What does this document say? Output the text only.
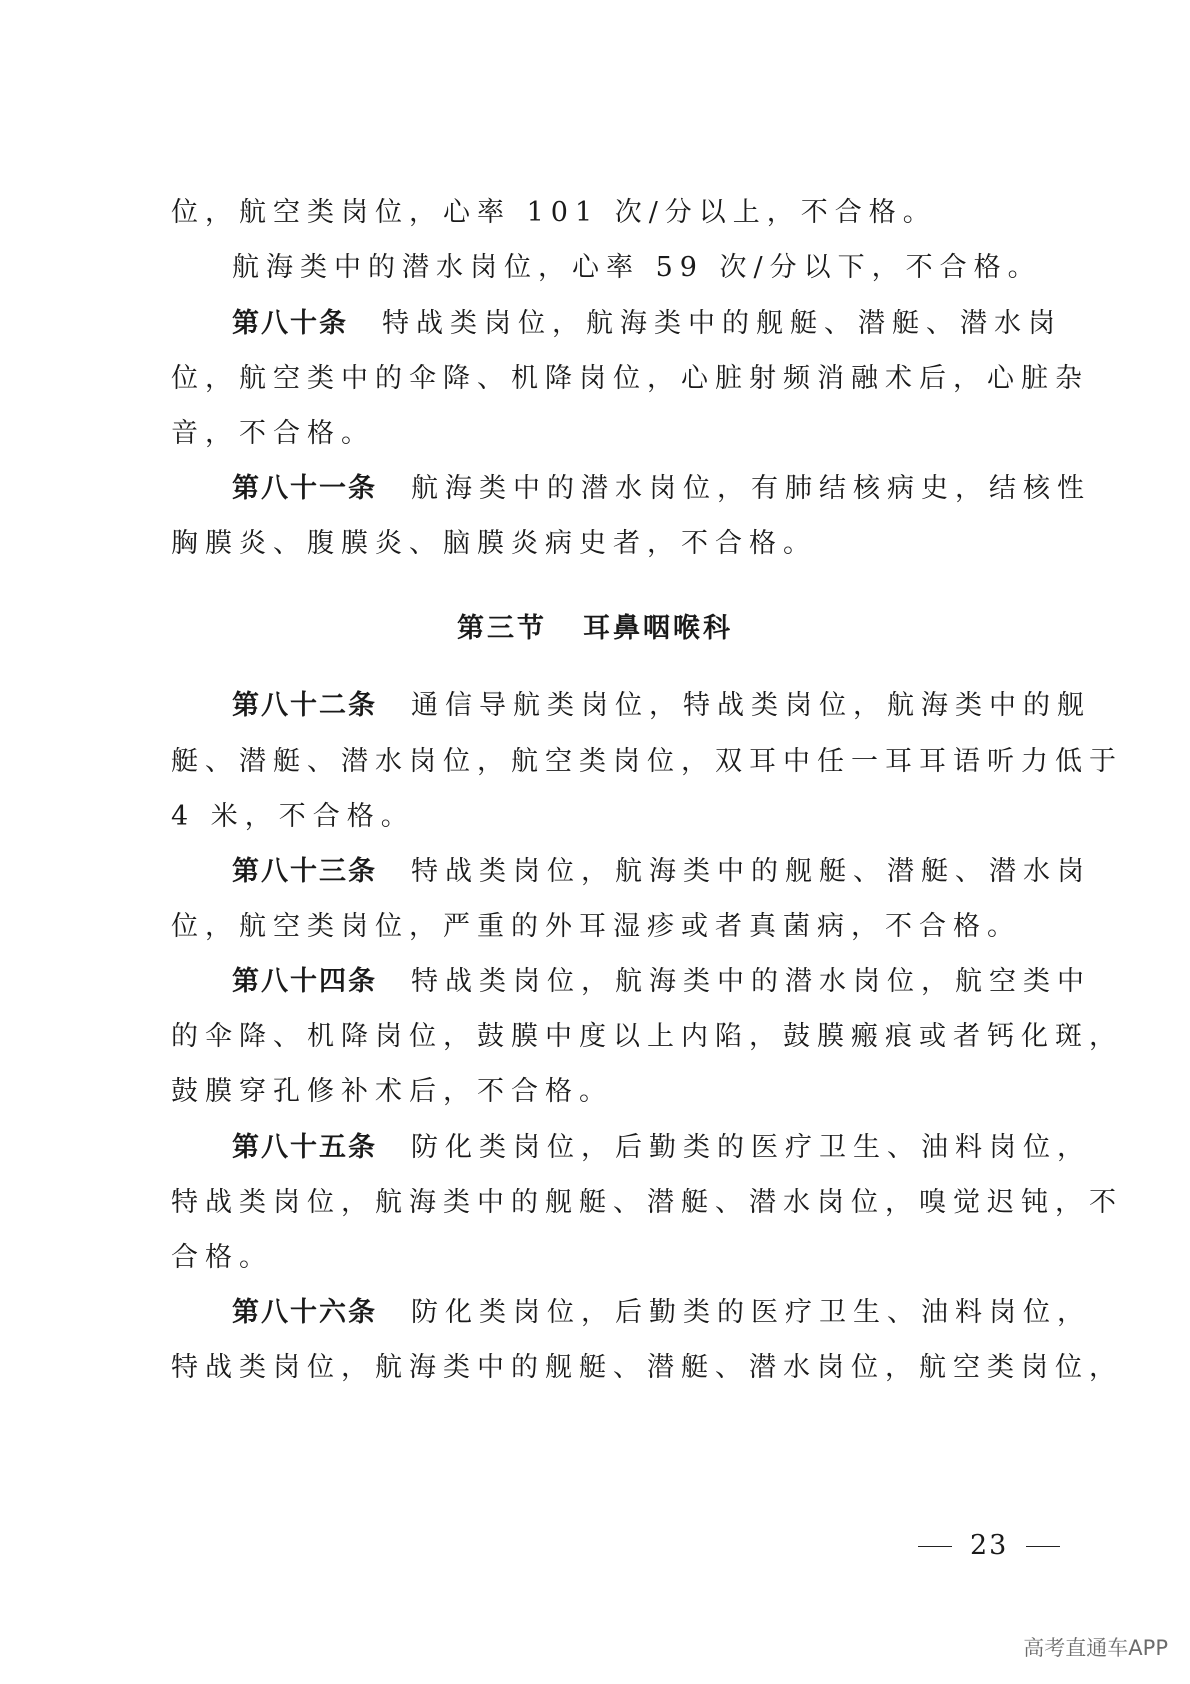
位，航空类岗位，心率 101 次/分以上，不合格。
航海类中的潜水岗位，心率 59 次/分以下，不合格。
第八十条 特战类岗位，航海类中的舰艇、潜艇、潜水岗
位，航空类中的伞降、机降岗位，心脏射频消融术后，心脏杂
音，不合格。
第八十一条 航海类中的潜水岗位，有肺结核病史，结核性
胸膜炎、腹膜炎、脑膜炎病史者，不合格。
第三节 耳鼻咽喉科
第八十二条 通信导航类岗位，特战类岗位，航海类中的舰
艇、潜艇、潜水岗位，航空类岗位，双耳中任一耳耳语听力低于
4 米，不合格。
第八十三条 特战类岗位，航海类中的舰艇、潜艇、潜水岗
位，航空类岗位，严重的外耳湿疹或者真菌病，不合格。
第八十四条 特战类岗位，航海类中的潜水岗位，航空类中
的伞降、机降岗位，鼓膜中度以上内陷，鼓膜瘢痕或者钙化斑，
鼓膜穿孔修补术后，不合格。
第八十五条 防化类岗位，后勤类的医疗卫生、油料岗位，
特战类岗位，航海类中的舰艇、潜艇、潜水岗位，嗅觉迟钝，不
合格。
第八十六条 防化类岗位，后勤类的医疗卫生、油料岗位，
特战类岗位，航海类中的舰艇、潜艇、潜水岗位，航空类岗位，
23
高考直通车APP
